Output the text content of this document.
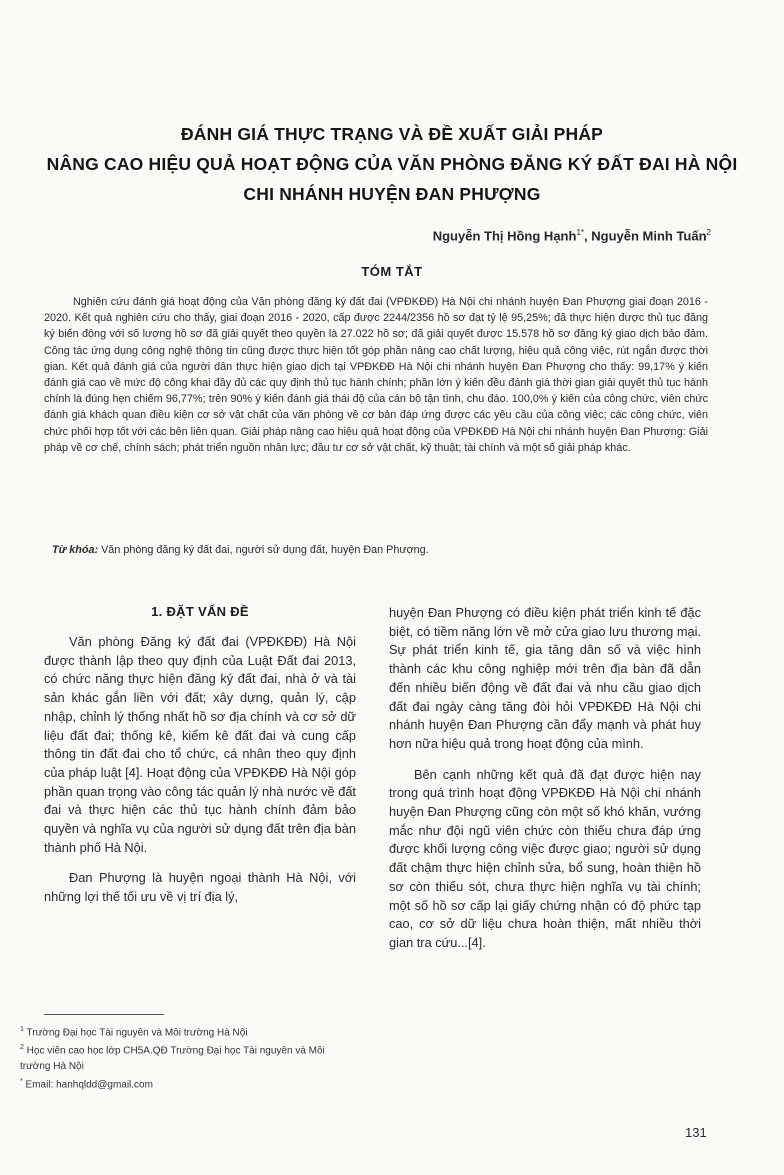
ĐÁNH GIÁ THỰC TRẠNG VÀ ĐỀ XUẤT GIẢI PHÁP
NÂNG CAO HIỆU QUẢ HOẠT ĐỘNG CỦA VĂN PHÒNG ĐĂNG KÝ ĐẤT ĐAI HÀ NỘI
CHI NHÁNH HUYỆN ĐAN PHƯỢNG
Nguyễn Thị Hồng Hạnh$^{1*}$, Nguyễn Minh Tuấn$^2$
TÓM TẮT
Nghiên cứu đánh giá hoạt động của Văn phòng đăng ký đất đai (VPĐKĐĐ) Hà Nội chi nhánh huyện Đan Phượng giai đoạn 2016 - 2020. Kết quả nghiên cứu cho thấy, giai đoạn 2016 - 2020, cấp được 2244/2356 hồ sơ đạt tỷ lệ 95,25%; đã thực hiện được thủ tục đăng ký biến động với số lượng hồ sơ đã giải quyết theo quyền là 27.022 hồ sơ; đã giải quyết được 15.578 hồ sơ đăng ký giao dịch bảo đảm. Công tác ứng dụng công nghệ thông tin cũng được thực hiện tốt góp phần nâng cao chất lượng, hiệu quả công việc, rút ngắn được thời gian. Kết quả đánh giá của người dân thực hiện giao dịch tại VPĐKĐĐ Hà Nội chi nhánh huyện Đan Phượng cho thấy: 99,17% ý kiến đánh giá cao về mức độ công khai đầy đủ các quy định thủ tục hành chính; phần lớn ý kiến đều đánh giá thời gian giải quyết thủ tục hành chính là đúng hẹn chiếm 96,77%; trên 90% ý kiến đánh giá thái độ của cán bộ tận tình, chu đáo. 100,0% ý kiến của công chức, viên chức đánh giá khách quan điều kiện cơ sở vật chất của văn phòng về cơ bản đáp ứng được các yêu cầu của công việc; các công chức, viên chức phối hợp tốt với các bên liên quan. Giải pháp nâng cao hiệu quả hoạt động của VPĐKĐĐ Hà Nội chi nhánh huyện Đan Phượng: Giải pháp về cơ chế, chính sách; phát triển nguồn nhân lực; đầu tư cơ sở vật chất, kỹ thuật; tài chính và một số giải pháp khác.
Từ khóa: Văn phòng đăng ký đất đai, người sử dụng đất, huyện Đan Phượng.
1. ĐẶT VẤN ĐỀ

Văn phòng Đăng ký đất đai (VPĐKĐĐ) Hà Nội được thành lập theo quy định của Luật Đất đai 2013, có chức năng thực hiện đăng ký đất đai, nhà ở và tài sản khác gắn liền với đất; xây dựng, quản lý, cập nhập, chỉnh lý thống nhất hồ sơ địa chính và cơ sở dữ liệu đất đai; thống kê, kiểm kê đất đai và cung cấp thông tin đất đai cho tổ chức, cá nhân theo quy định của pháp luật [4]. Hoạt động của VPĐKĐĐ Hà Nội góp phần quan trọng vào công tác quản lý nhà nước về đất đai và thực hiện các thủ tục hành chính đảm bảo quyền và nghĩa vụ của người sử dụng đất trên địa bàn thành phố Hà Nội.

Đan Phượng là huyện ngoại thành Hà Nội, với những lợi thế tối ưu về vị trí địa lý,

huyện Đan Phượng có điều kiện phát triển kinh tế đặc biệt, có tiềm năng lớn về mở cửa giao lưu thương mại. Sự phát triển kinh tế, gia tăng dân số và việc hình thành các khu công nghiệp mới trên địa bàn đã dẫn đến nhiều biến động về đất đai và nhu cầu giao dịch đất đai ngày càng tăng đòi hỏi VPĐKĐĐ Hà Nội chi nhánh huyện Đan Phượng cần đẩy mạnh và phát huy hơn nữa hiệu quả trong hoạt động của mình.

Bên cạnh những kết quả đã đạt được hiện nay trong quá trình hoạt động VPĐKĐĐ Hà Nội chi nhánh huyện Đan Phượng cũng còn một số khó khăn, vướng mắc như đội ngũ viên chức còn thiếu chưa đáp ứng được khối lượng công việc được giao; người sử dụng đất chậm thực hiện chỉnh sửa, bổ sung, hoàn thiện hồ sơ còn thiếu sót, chưa thực hiện nghĩa vụ tài chính; một số hồ sơ cấp lại giấy chứng nhận có độ phức tạp cao, cơ sở dữ liệu chưa hoàn thiện, mất nhiều thời gian tra cứu...[4].

$^1$ Trường Đại học Tài nguyên và Môi trường Hà Nội
$^2$ Học viên cao học lớp CH5A.QĐ Trường Đại học Tài nguyên và Môi trường Hà Nội
* Email: hanhqldd@gmail.com
131
